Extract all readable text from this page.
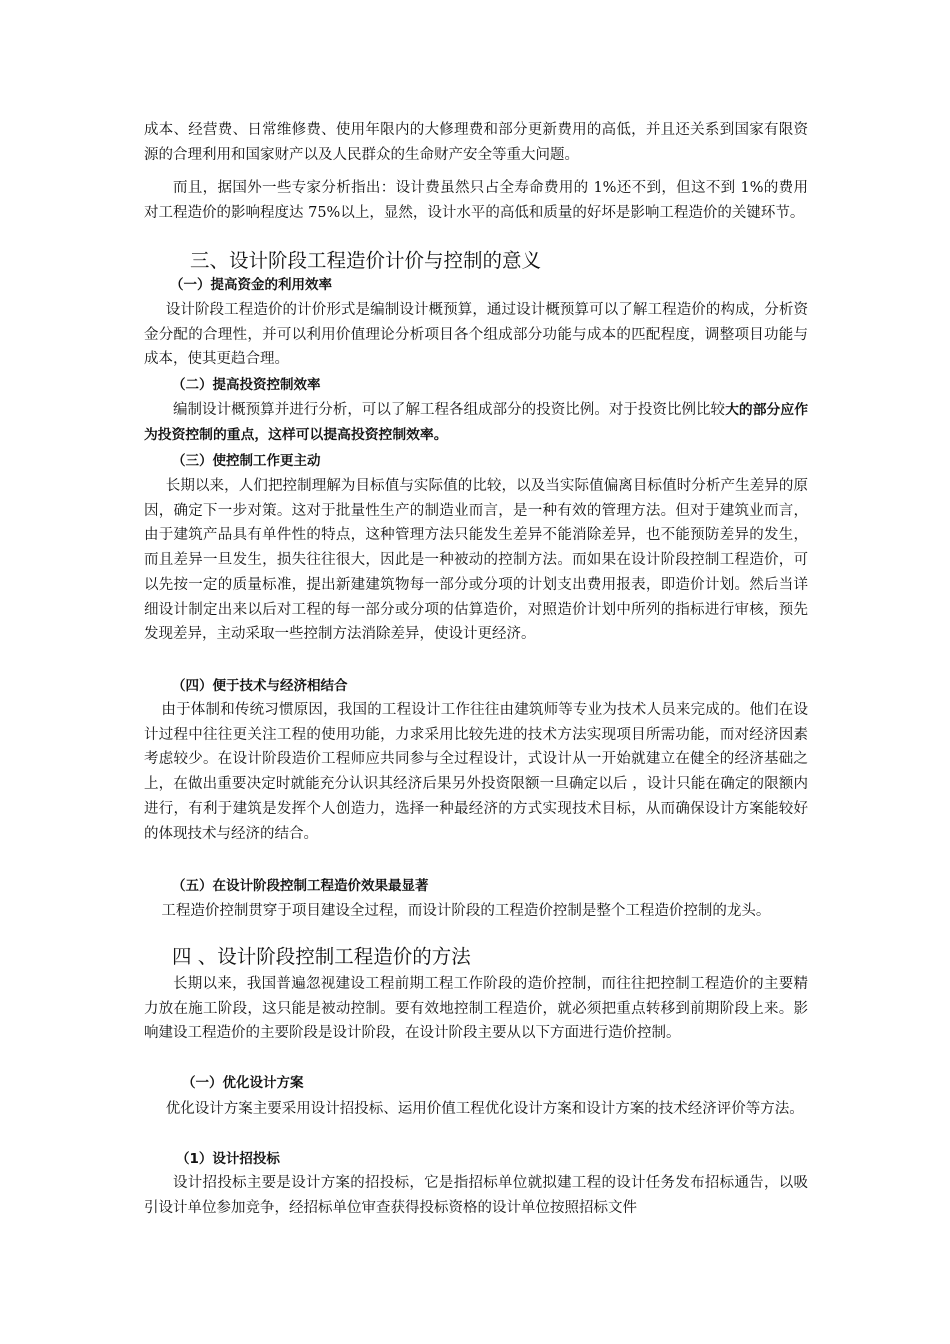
成本、经营费、日常维修费、使用年限内的大修理费和部分更新费用的高低，并且还关系到国家有限资源的合理利用和国家财产以及人民群众的生命财产安全等重大问题。

而且，据国外一些专家分析指出：设计费虽然只占全寿命费用的 1%还不到，但这不到 1%的费用对工程造价的影响程度达 75%以上，显然，设计水平的高低和质量的好坏是影响工程造价的关键环节。

三、设计阶段工程造价计价与控制的意义
（一）提高资金的利用效率

设计阶段工程造价的计价形式是编制设计概预算，通过设计概预算可以了解工程造价的构成，分析资金分配的合理性，并可以利用价值理论分析项目各个组成部分功能与成本的匹配程度，调整项目功能与成本，使其更趋合理。

（二）提高投资控制效率

编制设计概预算并进行分析，可以了解工程各组成部分的投资比例。对于投资比例比较大的部分应作为投资控制的重点，这样可以提高投资控制效率。

（三）使控制工作更主动

长期以来，人们把控制理解为目标值与实际值的比较，以及当实际值偏离目标值时分析产生差异的原因，确定下一步对策。这对于批量性生产的制造业而言，是一种有效的管理方法。但对于建筑业而言，由于建筑产品具有单件性的特点，这种管理方法只能发生差异不能消除差异，也不能预防差异的发生，而且差异一旦发生，损失往往很大，因此是一种被动的控制方法。而如果在设计阶段控制工程造价，可以先按一定的质量标准，提出新建建筑物每一部分或分项的计划支出费用报表，即造价计划。然后当详细设计制定出来以后对工程的每一部分或分项的估算造价，对照造价计划中所列的指标进行审核，预先发现差异，主动采取一些控制方法消除差异，使设计更经济。

（四）便于技术与经济相结合

由于体制和传统习惯原因，我国的工程设计工作往往由建筑师等专业为技术人员来完成的。他们在设计过程中往往更关注工程的使用功能，力求采用比较先进的技术方法实现项目所需功能，而对经济因素考虑较少。在设计阶段造价工程师应共同参与全过程设计，式设计从一开始就建立在健全的经济基础之上，在做出重要决定时就能充分认识其经济后果另外投资限额一旦确定以后 ，设计只能在确定的限额内进行，有利于建筑是发挥个人创造力，选择一种最经济的方式实现技术目标，从而确保设计方案能较好的体现技术与经济的结合。

（五）在设计阶段控制工程造价效果最显著

工程造价控制贯穿于项目建设全过程，而设计阶段的工程造价控制是整个工程造价控制的龙头。

四 、设计阶段控制工程造价的方法

长期以来，我国普遍忽视建设工程前期工程工作阶段的造价控制，而往往把控制工程造价的主要精力放在施工阶段，这只能是被动控制。要有效地控制工程造价，就必须把重点转移到前期阶段上来。影响建设工程造价的主要阶段是设计阶段，在设计阶段主要从以下方面进行造价控制。

（一）优化设计方案

优化设计方案主要采用设计招投标、运用价值工程优化设计方案和设计方案的技术经济评价等方法。

（1）设计招投标

设计招投标主要是设计方案的招投标，它是指招标单位就拟建工程的设计任务发布招标通告，以吸引设计单位参加竞争，经招标单位审查获得投标资格的设计单位按照招标文件
